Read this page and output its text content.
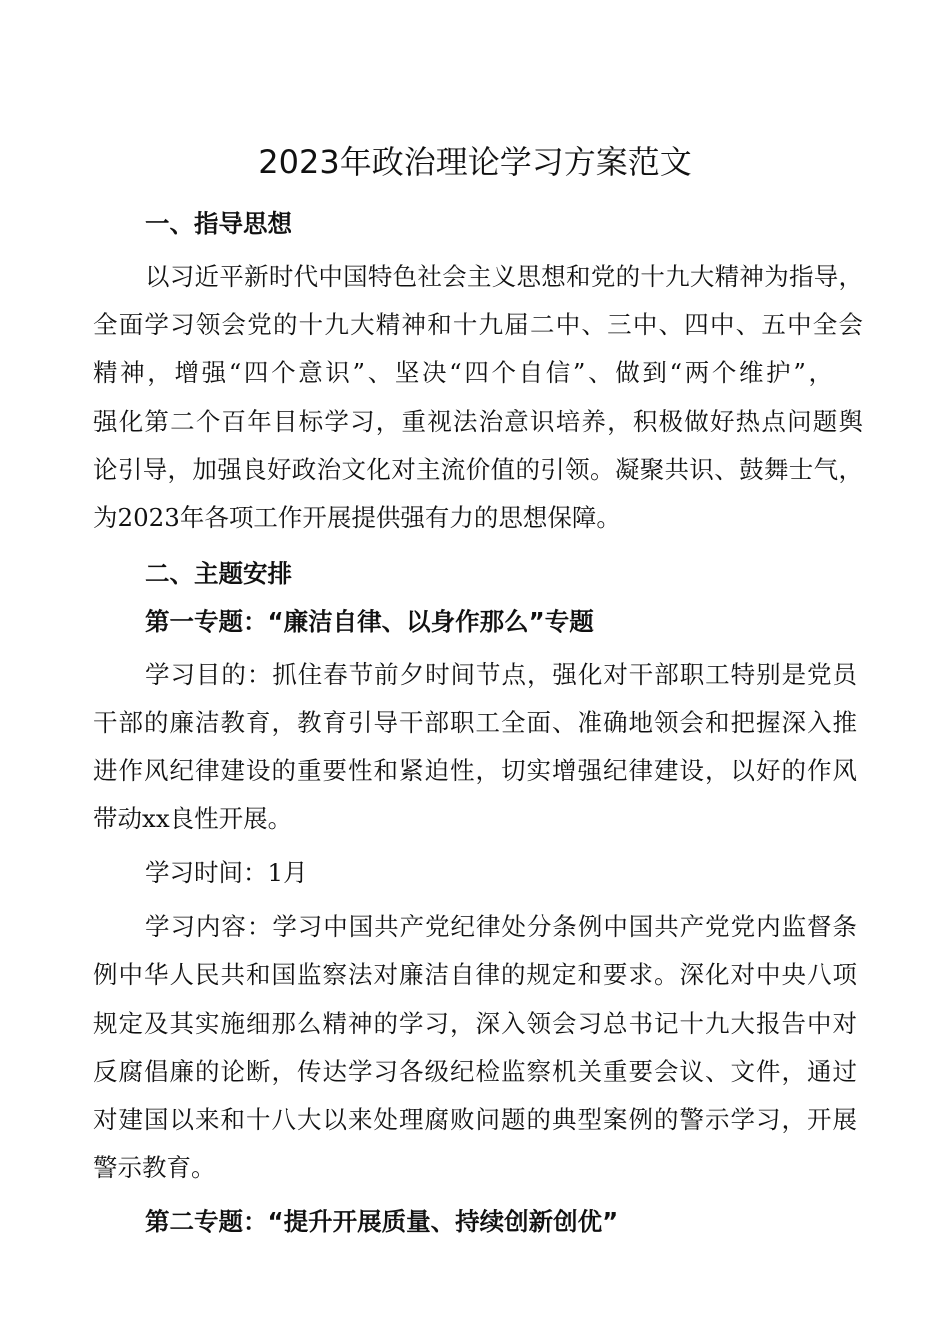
2023年政治理论学习方案范文

一、指导思想

以习近平新时代中国特色社会主义思想和党的十九大精神为指导，

全面学习领会党的十九大精神和十九届二中、三中、四中、五中全会

精神，增强“四个意识”、坚决“四个自信”、做到“两个维护”，

强化第二个百年目标学习，重视法治意识培养，积极做好热点问题舆

论引导，加强良好政治文化对主流价值的引领。凝聚共识、鼓舞士气，

为2023年各项工作开展提供强有力的思想保障。

二、主题安排

第一专题：“廉洁自律、以身作那么”专题

学习目的：抓住春节前夕时间节点，强化对干部职工特别是党员

干部的廉洁教育，教育引导干部职工全面、准确地领会和把握深入推

进作风纪律建设的重要性和紧迫性，切实增强纪律建设，以好的作风

带动xx良性开展。

学习时间：1月

学习内容：学习中国共产党纪律处分条例中国共产党党内监督条

例中华人民共和国监察法对廉洁自律的规定和要求。深化对中央八项

规定及其实施细那么精神的学习，深入领会习总书记十九大报告中对

反腐倡廉的论断，传达学习各级纪检监察机关重要会议、文件，通过

对建国以来和十八大以来处理腐败问题的典型案例的警示学习，开展

警示教育。

第二专题：“提升开展质量、持续创新创优”
